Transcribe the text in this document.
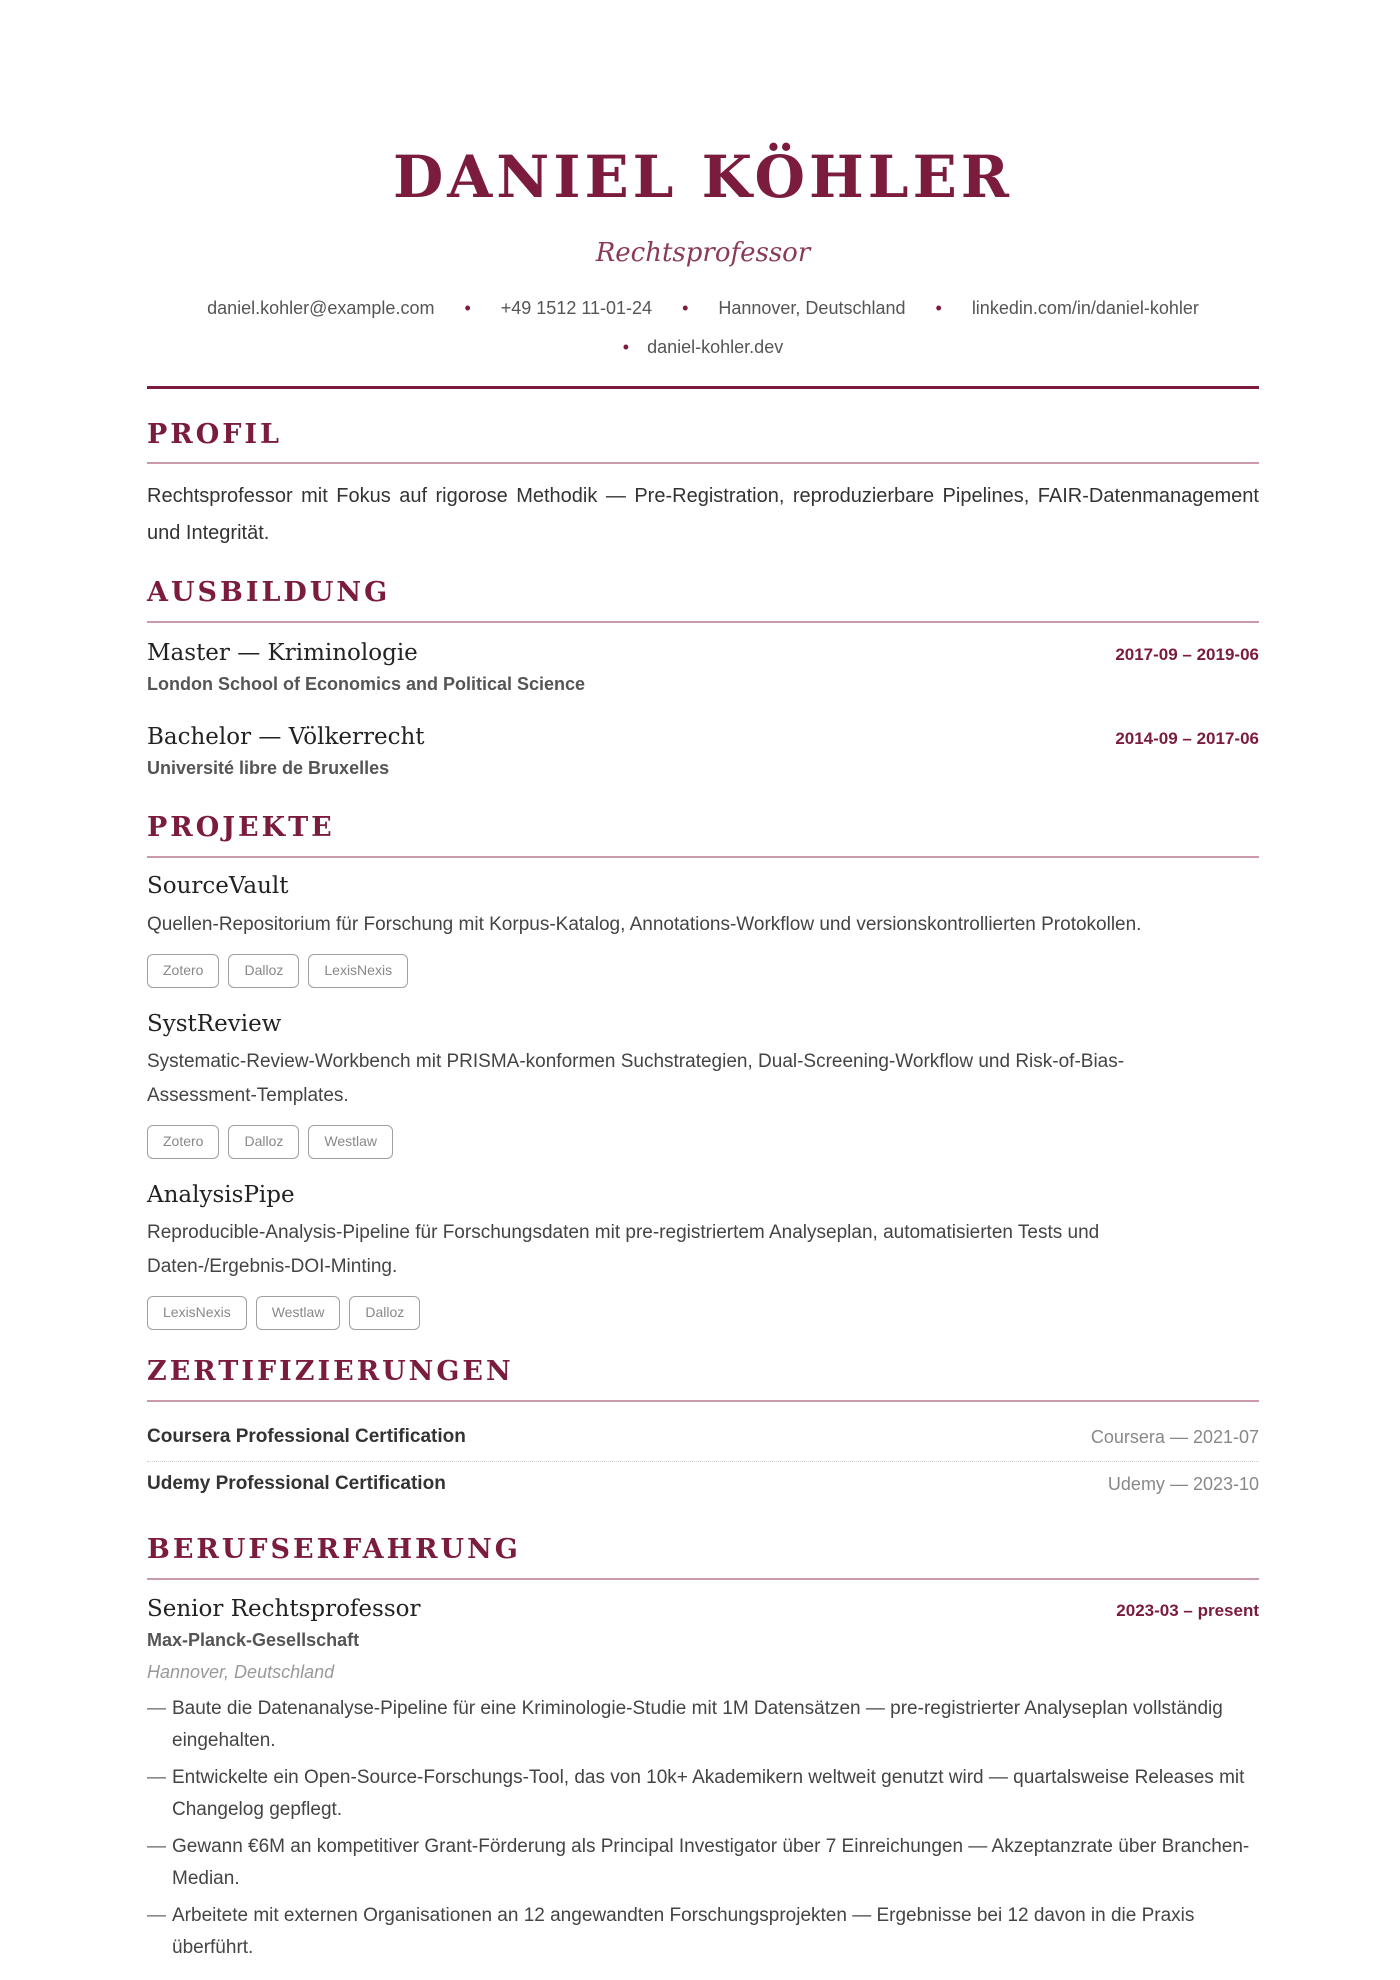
DANIEL KÖHLER
Rechtsprofessor
daniel.kohler@example.com • +49 1512 11-01-24 • Hannover, Deutschland • linkedin.com/in/daniel-kohler
• daniel-kohler.dev
PROFIL
Rechtsprofessor mit Fokus auf rigorose Methodik — Pre-Registration, reproduzierbare Pipelines, FAIR-Datenmanagement und Integrität.
AUSBILDUNG
Master — Kriminologie	2017-09 – 2019-06
London School of Economics and Political Science
Bachelor — Völkerrecht	2014-09 – 2017-06
Université libre de Bruxelles
PROJEKTE
SourceVault
Quellen-Repositorium für Forschung mit Korpus-Katalog, Annotations-Workflow und versionskontrollierten Protokollen.
Zotero	Dalloz	LexisNexis
SystReview
Systematic-Review-Workbench mit PRISMA-konformen Suchstrategien, Dual-Screening-Workflow und Risk-of-Bias-Assessment-Templates.
Zotero	Dalloz	Westlaw
AnalysisPipe
Reproducible-Analysis-Pipeline für Forschungsdaten mit pre-registriertem Analyseplan, automatisierten Tests und Daten-/Ergebnis-DOI-Minting.
LexisNexis	Westlaw	Dalloz
ZERTIFIZIERUNGEN
Coursera Professional Certification	Coursera — 2021-07
Udemy Professional Certification	Udemy — 2023-10
BERUFSERFAHRUNG
Senior Rechtsprofessor	2023-03 – present
Max-Planck-Gesellschaft
Hannover, Deutschland
— Baute die Datenanalyse-Pipeline für eine Kriminologie-Studie mit 1M Datensätzen — pre-registrierter Analyseplan vollständig eingehalten.
— Entwickelte ein Open-Source-Forschungs-Tool, das von 10k+ Akademikern weltweit genutzt wird — quartalsweise Releases mit Changelog gepflegt.
— Gewann €6M an kompetitiver Grant-Förderung als Principal Investigator über 7 Einreichungen — Akzeptanzrate über Branchen-Median.
— Arbeitete mit externen Organisationen an 12 angewandten Forschungsprojekten — Ergebnisse bei 12 davon in die Praxis überführt.
